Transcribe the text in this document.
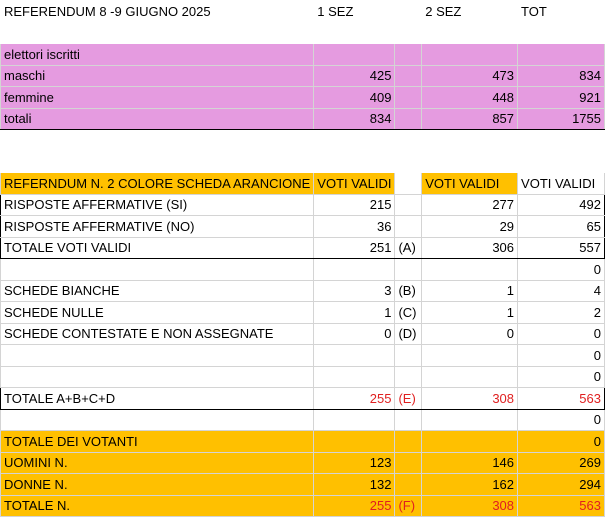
REFERENDUM 8 -9 GIUGNO 2025	1 SEZ		2 SEZ	TOT

elettori iscritti				
maschi	425		473	834
femmine	409		448	921
totali	834		857	1755

REFERNDUM N. 2 COLORE SCHEDA ARANCIONE	VOTI VALIDI		VOTI VALIDI	VOTI VALIDI
RISPOSTE AFFERMATIVE (SI)	215		277	492
RISPOSTE AFFERMATIVE (NO)	36		29	65
TOTALE VOTI VALIDI	251	(A)	306	557
				0
SCHEDE BIANCHE	3	(B)	1	4
SCHEDE NULLE	1	(C)	1	2
SCHEDE CONTESTATE E NON ASSEGNATE	0	(D)	0	0
				0
				0
TOTALE A+B+C+D	255	(E)	308	563
				0
TOTALE DEI VOTANTI				0
UOMINI N.	123		146	269
DONNE N.	132		162	294
TOTALE N.	255	(F)	308	563
